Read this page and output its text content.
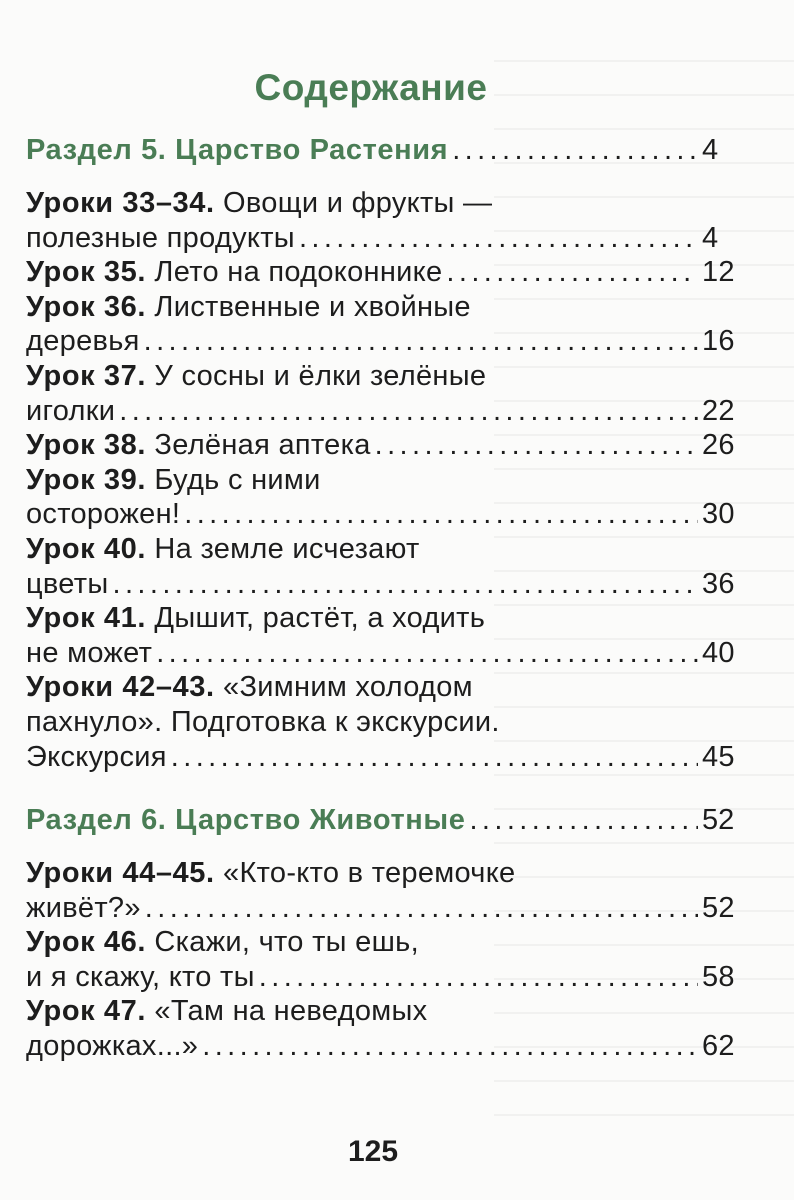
Содержание
Раздел 5. Царство Растения .....	4
Уроки 33–34.
Овощи и фрукты —
полезные продукты .....	4
Урок 35.
Лето на подоконнике .....	12
Урок 36.
Лиственные и хвойные
деревья .....	16
Урок 37.
У сосны и ёлки зелёные
иголки .....	22
Урок 38.
Зелёная аптека .....	26
Урок 39.
Будь с ними
осторожен! .....	30
Урок 40.
На земле исчезают
цветы .....	36
Урок 41.
Дышит, растёт, а ходить
не может .....	40
Уроки 42–43.
«Зимним холодом
пахнуло». Подготовка к экскурсии.
Экскурсия .....	45
Раздел 6. Царство Животные .....	52
Уроки 44–45.
«Кто-кто в теремочке
живёт?» .....	52
Урок 46.
Скажи, что ты ешь,
и я скажу, кто ты .....	58
Урок 47.
«Там на неведомых
дорожках...» .....	62
125
